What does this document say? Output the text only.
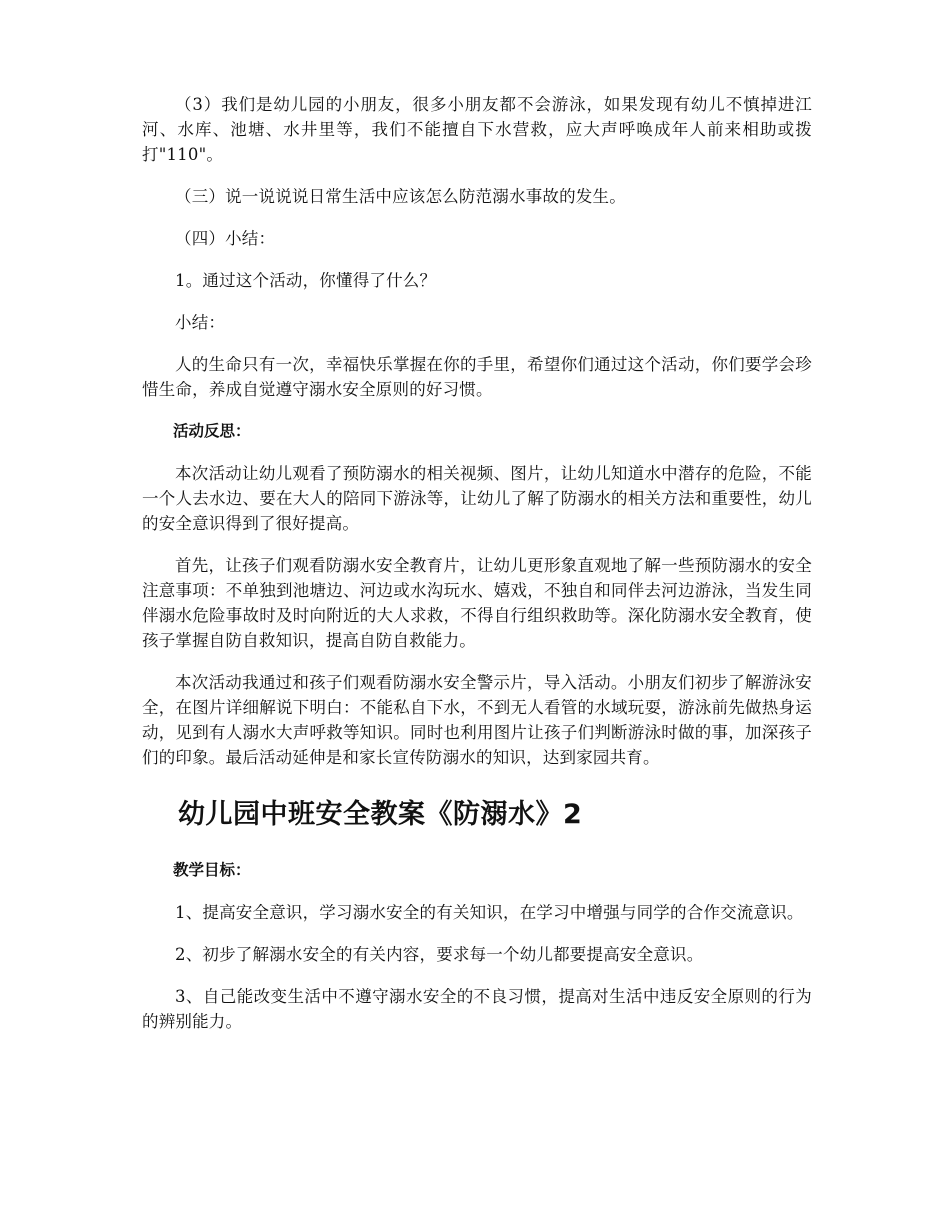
（3）我们是幼儿园的小朋友，很多小朋友都不会游泳，如果发现有幼儿不慎掉进江河、水库、池塘、水井里等，我们不能擅自下水营救，应大声呼唤成年人前来相助或拨打"110"。

（三）说一说说说日常生活中应该怎么防范溺水事故的发生。

（四）小结：

1。通过这个活动，你懂得了什么？

小结：

人的生命只有一次，幸福快乐掌握在你的手里，希望你们通过这个活动，你们要学会珍惜生命，养成自觉遵守溺水安全原则的好习惯。

活动反思：

本次活动让幼儿观看了预防溺水的相关视频、图片，让幼儿知道水中潜存的危险，不能一个人去水边、要在大人的陪同下游泳等，让幼儿了解了防溺水的相关方法和重要性，幼儿的安全意识得到了很好提高。

首先，让孩子们观看防溺水安全教育片，让幼儿更形象直观地了解一些预防溺水的安全注意事项：不单独到池塘边、河边或水沟玩水、嬉戏，不独自和同伴去河边游泳，当发生同伴溺水危险事故时及时向附近的大人求救，不得自行组织救助等。深化防溺水安全教育，使孩子掌握自防自救知识，提高自防自救能力。

本次活动我通过和孩子们观看防溺水安全警示片，导入活动。小朋友们初步了解游泳安全，在图片详细解说下明白：不能私自下水，不到无人看管的水域玩耍，游泳前先做热身运动，见到有人溺水大声呼救等知识。同时也利用图片让孩子们判断游泳时做的事，加深孩子们的印象。最后活动延伸是和家长宣传防溺水的知识，达到家园共育。

幼儿园中班安全教案《防溺水》2

教学目标：

1、提高安全意识，学习溺水安全的有关知识，在学习中增强与同学的合作交流意识。

2、初步了解溺水安全的有关内容，要求每一个幼儿都要提高安全意识。

3、自己能改变生活中不遵守溺水安全的不良习惯，提高对生活中违反安全原则的行为的辨别能力。
